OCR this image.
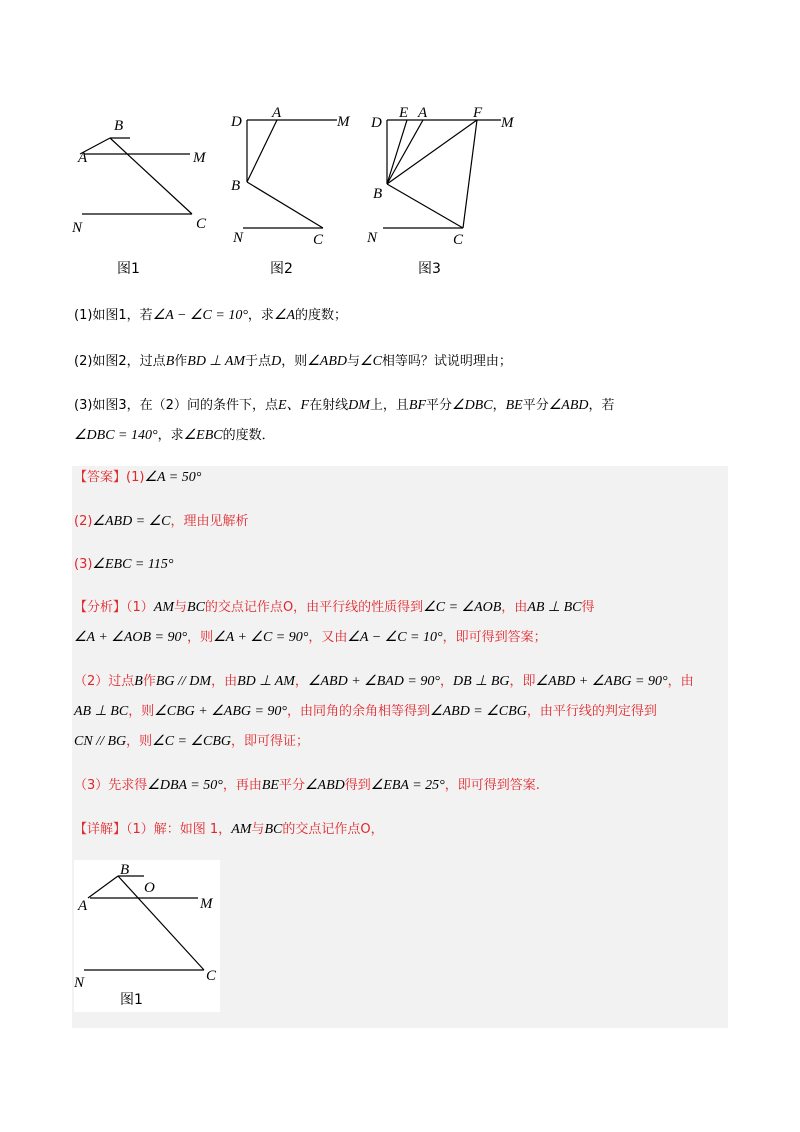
B
A	M
N	C
图1
D
A
M
B
N	C
图2
D
E A	F
M
B
N	C
图3
(1)如图1，若∠A − ∠C = 10°，求∠A的度数；
(2)如图2，过点B作BD ⊥ AM于点D，则∠ABD与∠C相等吗？试说明理由；
(3)如图3，在（2）问的条件下，点E、F在射线DM上，且BF平分∠DBC，BE平分∠ABD，若
∠DBC = 140°，求∠EBC的度数．
【答案】(1)∠A = 50°
(2)∠ABD = ∠C，理由见解析
(3)∠EBC = 115°
【分析】（1）AM与BC的交点记作点O，由平行线的性质得到∠C = ∠AOB，由AB ⊥ BC得
∠A + ∠AOB = 90°，则∠A + ∠C = 90°，又由∠A − ∠C = 10°，即可得到答案；
（2）过点B作BG // DM，由BD ⊥ AM，∠ABD + ∠BAD = 90°，DB ⊥ BG，即∠ABD + ∠ABG = 90°，由
AB ⊥ BC，则∠CBG + ∠ABG = 90°，由同角的余角相等得到∠ABD = ∠CBG，由平行线的判定得到
CN // BG，则∠C = ∠CBG，即可得证；
（3）先求得∠DBA = 50°，再由BE平分∠ABD得到∠EBA = 25°，即可得到答案.
【详解】（1）解：如图 1，AM与BC的交点记作点O，
B
O
A	M
N	C
图1
